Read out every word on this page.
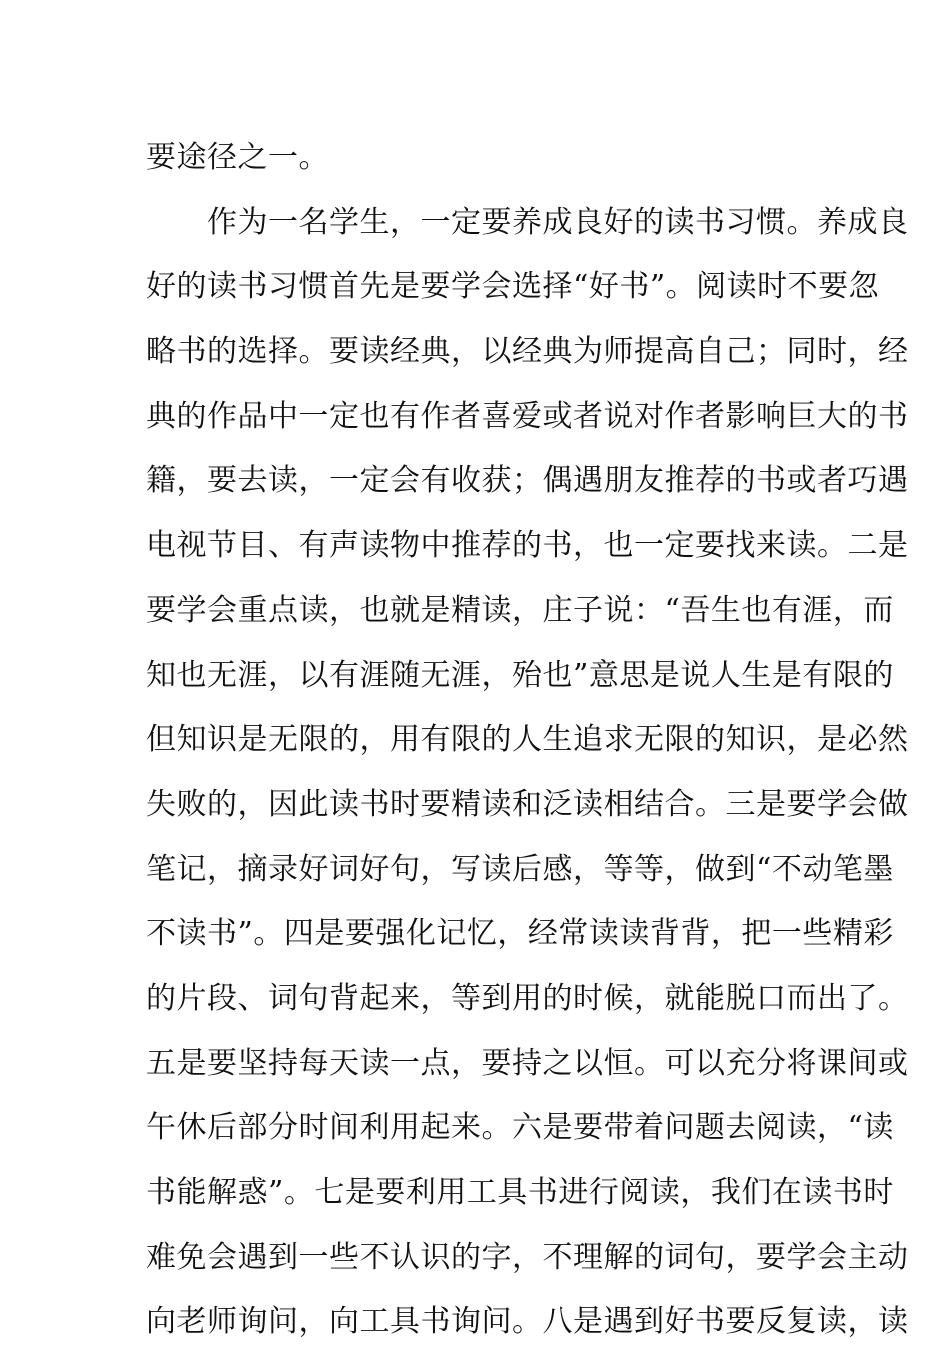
要途径之一。
　　作为一名学生，一定要养成良好的读书习惯。养成良
好的读书习惯首先是要学会选择“好书”。阅读时不要忽
略书的选择。要读经典，以经典为师提高自己；同时，经
典的作品中一定也有作者喜爱或者说对作者影响巨大的书
籍，要去读，一定会有收获；偶遇朋友推荐的书或者巧遇
电视节目、有声读物中推荐的书，也一定要找来读。二是
要学会重点读，也就是精读，庄子说：“吾生也有涯，而
知也无涯，以有涯随无涯，殆也”意思是说人生是有限的
但知识是无限的，用有限的人生追求无限的知识，是必然
失败的，因此读书时要精读和泛读相结合。三是要学会做
笔记，摘录好词好句，写读后感，等等，做到“不动笔墨
不读书”。四是要强化记忆，经常读读背背，把一些精彩
的片段、词句背起来，等到用的时候，就能脱口而出了。
五是要坚持每天读一点，要持之以恒。可以充分将课间或
午休后部分时间利用起来。六是要带着问题去阅读，“读
书能解惑”。七是要利用工具书进行阅读，我们在读书时
难免会遇到一些不认识的字，不理解的词句，要学会主动
向老师询问，向工具书询问。八是遇到好书要反复读，读
